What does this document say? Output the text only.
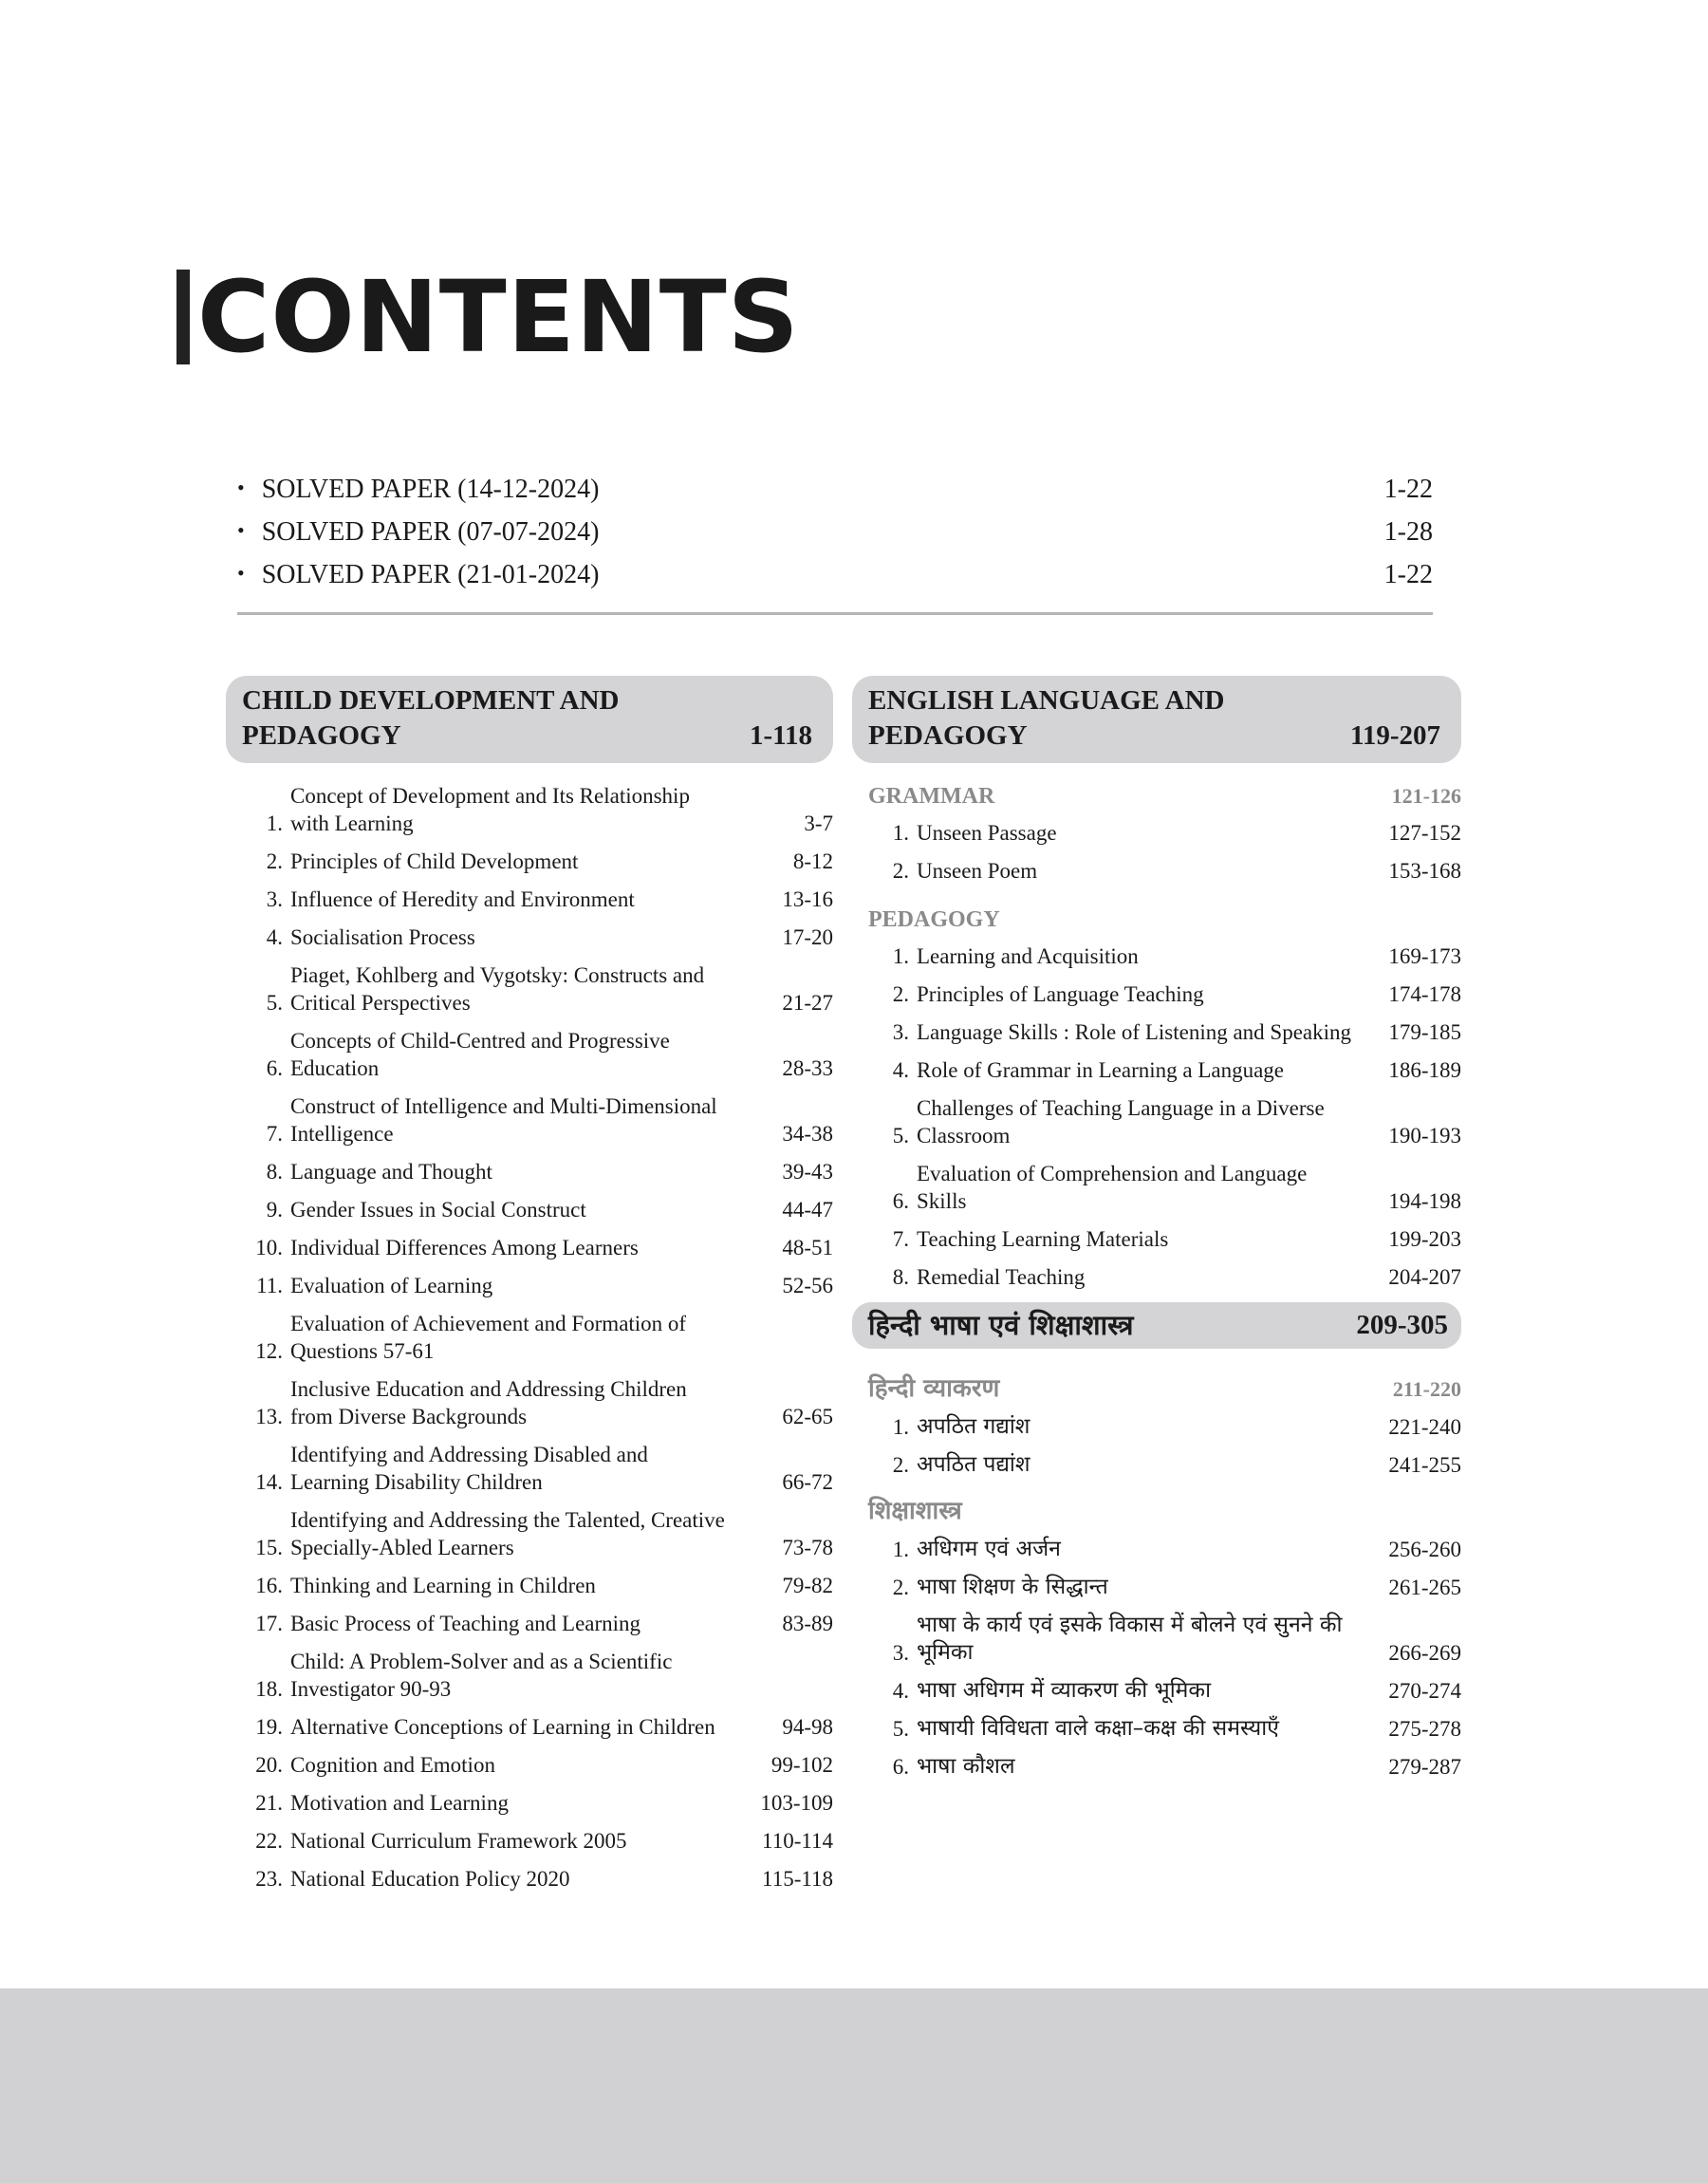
CONTENTS
• SOLVED PAPER (14-12-2024)	1-22
• SOLVED PAPER (07-07-2024)	1-28
• SOLVED PAPER (21-01-2024)	1-22
CHILD DEVELOPMENT AND PEDAGOGY	1-118
1.
Concept of Development and Its Relationship with Learning	3-7
2. Principles of Child Development	8-12
3. Influence of Heredity and Environment	13-16
4. Socialisation Process	17-20
5.
Piaget, Kohlberg and Vygotsky: Constructs and Critical Perspectives	21-27
6.
Concepts of Child-Centred and Progressive Education	28-33
7.
Construct of Intelligence and Multi-Dimensional Intelligence	34-38
8. Language and Thought	39-43
9. Gender Issues in Social Construct	44-47
10. Individual Differences Among Learners	48-51
11. Evaluation of Learning	52-56
12.
Evaluation of Achievement and Formation of Questions 57-61
13.
Inclusive Education and Addressing Children from Diverse Backgrounds	62-65
14.
Identifying and Addressing Disabled and Learning Disability Children	66-72
15.
Identifying and Addressing the Talented, Creative Specially-Abled Learners	73-78
16. Thinking and Learning in Children	79-82
17. Basic Process of Teaching and Learning	83-89
18.
Child: A Problem-Solver and as a Scientific Investigator 90-93
19. Alternative Conceptions of Learning in Children	94-98
20. Cognition and Emotion	99-102
21. Motivation and Learning	103-109
22. National Curriculum Framework 2005	110-114
23. National Education Policy 2020	115-118
ENGLISH LANGUAGE AND PEDAGOGY	119-207
GRAMMAR	121-126
1. Unseen Passage	127-152
2. Unseen Poem	153-168
PEDAGOGY
1. Learning and Acquisition	169-173
2. Principles of Language Teaching	174-178
3. Language Skills : Role of Listening and Speaking	179-185
4. Role of Grammar in Learning a Language	186-189
5.
Challenges of Teaching Language in a Diverse Classroom	190-193
6.
Evaluation of Comprehension and Language Skills	194-198
7. Teaching Learning Materials	199-203
8. Remedial Teaching	204-207
हिन्दी भाषा एवं शिक्षाशास्त्र	209-305
हिन्दी व्याकरण	211-220
1. अपठित गद्यांश	221-240
2. अपठित पद्यांश	241-255
शिक्षाशास्त्र
1. अधिगम एवं अर्जन	256-260
2. भाषा शिक्षण के सिद्धान्त	261-265
3.
भाषा के कार्य एवं इसके विकास में बोलने एवं सुनने की भूमिका	266-269
4. भाषा अधिगम में व्याकरण की भूमिका	270-274
5. भाषायी विविधता वाले कक्षा–कक्ष की समस्याएँ	275-278
6. भाषा कौशल	279-287
